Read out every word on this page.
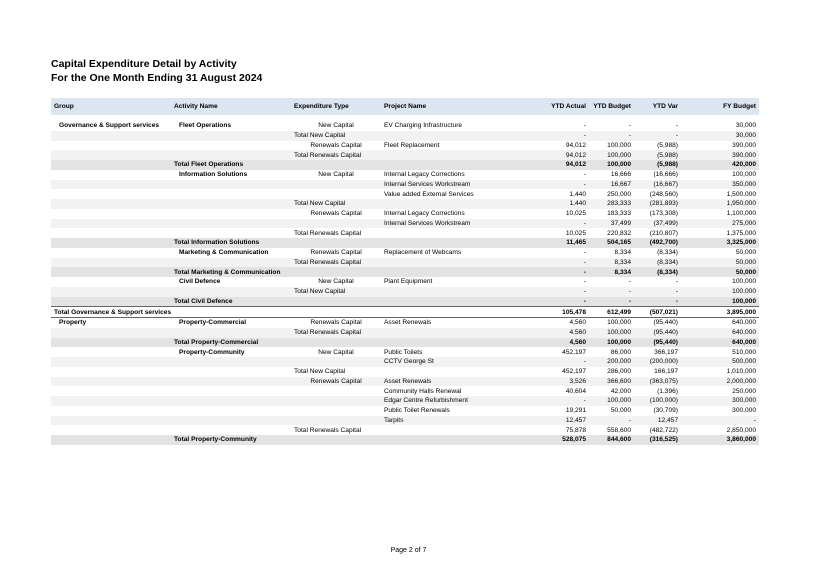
Capital Expenditure Detail by Activity
For the One Month Ending 31 August 2024
Group	Activity Name	Expenditure Type	Project Name	YTD Actual	YTD Budget	YTD Var	FY Budget

Governance & Support services	Fleet Operations	New Capital	EV Charging Infrastructure	-	-	-	30,000
		Total New Capital		-	-	-	30,000
		Renewals Capital	Fleet Replacement	94,012	100,000	(5,988)	390,000
		Total Renewals Capital		94,012	100,000	(5,988)	390,000
	Total Fleet Operations			94,012	100,000	(5,988)	420,000
	Information Solutions	New Capital	Internal Legacy Corrections	-	16,666	(16,666)	100,000
			Internal Services Workstream	-	16,667	(16,667)	350,000
			Value added External Services	1,440	250,000	(248,560)	1,500,000
		Total New Capital		1,440	283,333	(281,893)	1,950,000
		Renewals Capital	Internal Legacy Corrections	10,025	183,333	(173,308)	1,100,000
			Internal Services Workstream	-	37,499	(37,499)	275,000
		Total Renewals Capital		10,025	220,832	(210,807)	1,375,000
	Total Information Solutions			11,465	504,165	(492,700)	3,325,000
	Marketing & Communication	Renewals Capital	Replacement of Webcams	-	8,334	(8,334)	50,000
		Total Renewals Capital		-	8,334	(8,334)	50,000
	Total Marketing & Communication			-	8,334	(8,334)	50,000
	Civil Defence	New Capital	Plant Equipment	-	-	-	100,000
		Total New Capital		-	-	-	100,000
	Total Civil Defence			-	-	-	100,000
Total Governance & Support services				105,478	612,499	(507,021)	3,895,000
Property	Property-Commercial	Renewals Capital	Asset Renewals	4,560	100,000	(95,440)	640,000
		Total Renewals Capital		4,560	100,000	(95,440)	640,000
	Total Property-Commercial			4,560	100,000	(95,440)	640,000
	Property-Community	New Capital	Public Toilets	452,197	86,000	366,197	510,000
			CCTV George St	-	200,000	(200,000)	500,000
		Total New Capital		452,197	286,000	166,197	1,010,000
		Renewals Capital	Asset Renewals	3,526	366,600	(363,075)	2,000,000
			Community Halls Renewal	40,604	42,000	(1,396)	250,000
			Edgar Centre Refurbishment	-	100,000	(100,000)	300,000
			Public Toilet Renewals	19,291	50,000	(30,709)	300,000
			Tarpits	12,457	-	12,457	-
		Total Renewals Capital		75,878	558,600	(482,722)	2,850,000
	Total Property-Community			528,075	844,600	(316,525)	3,860,000
Page 2 of 7
